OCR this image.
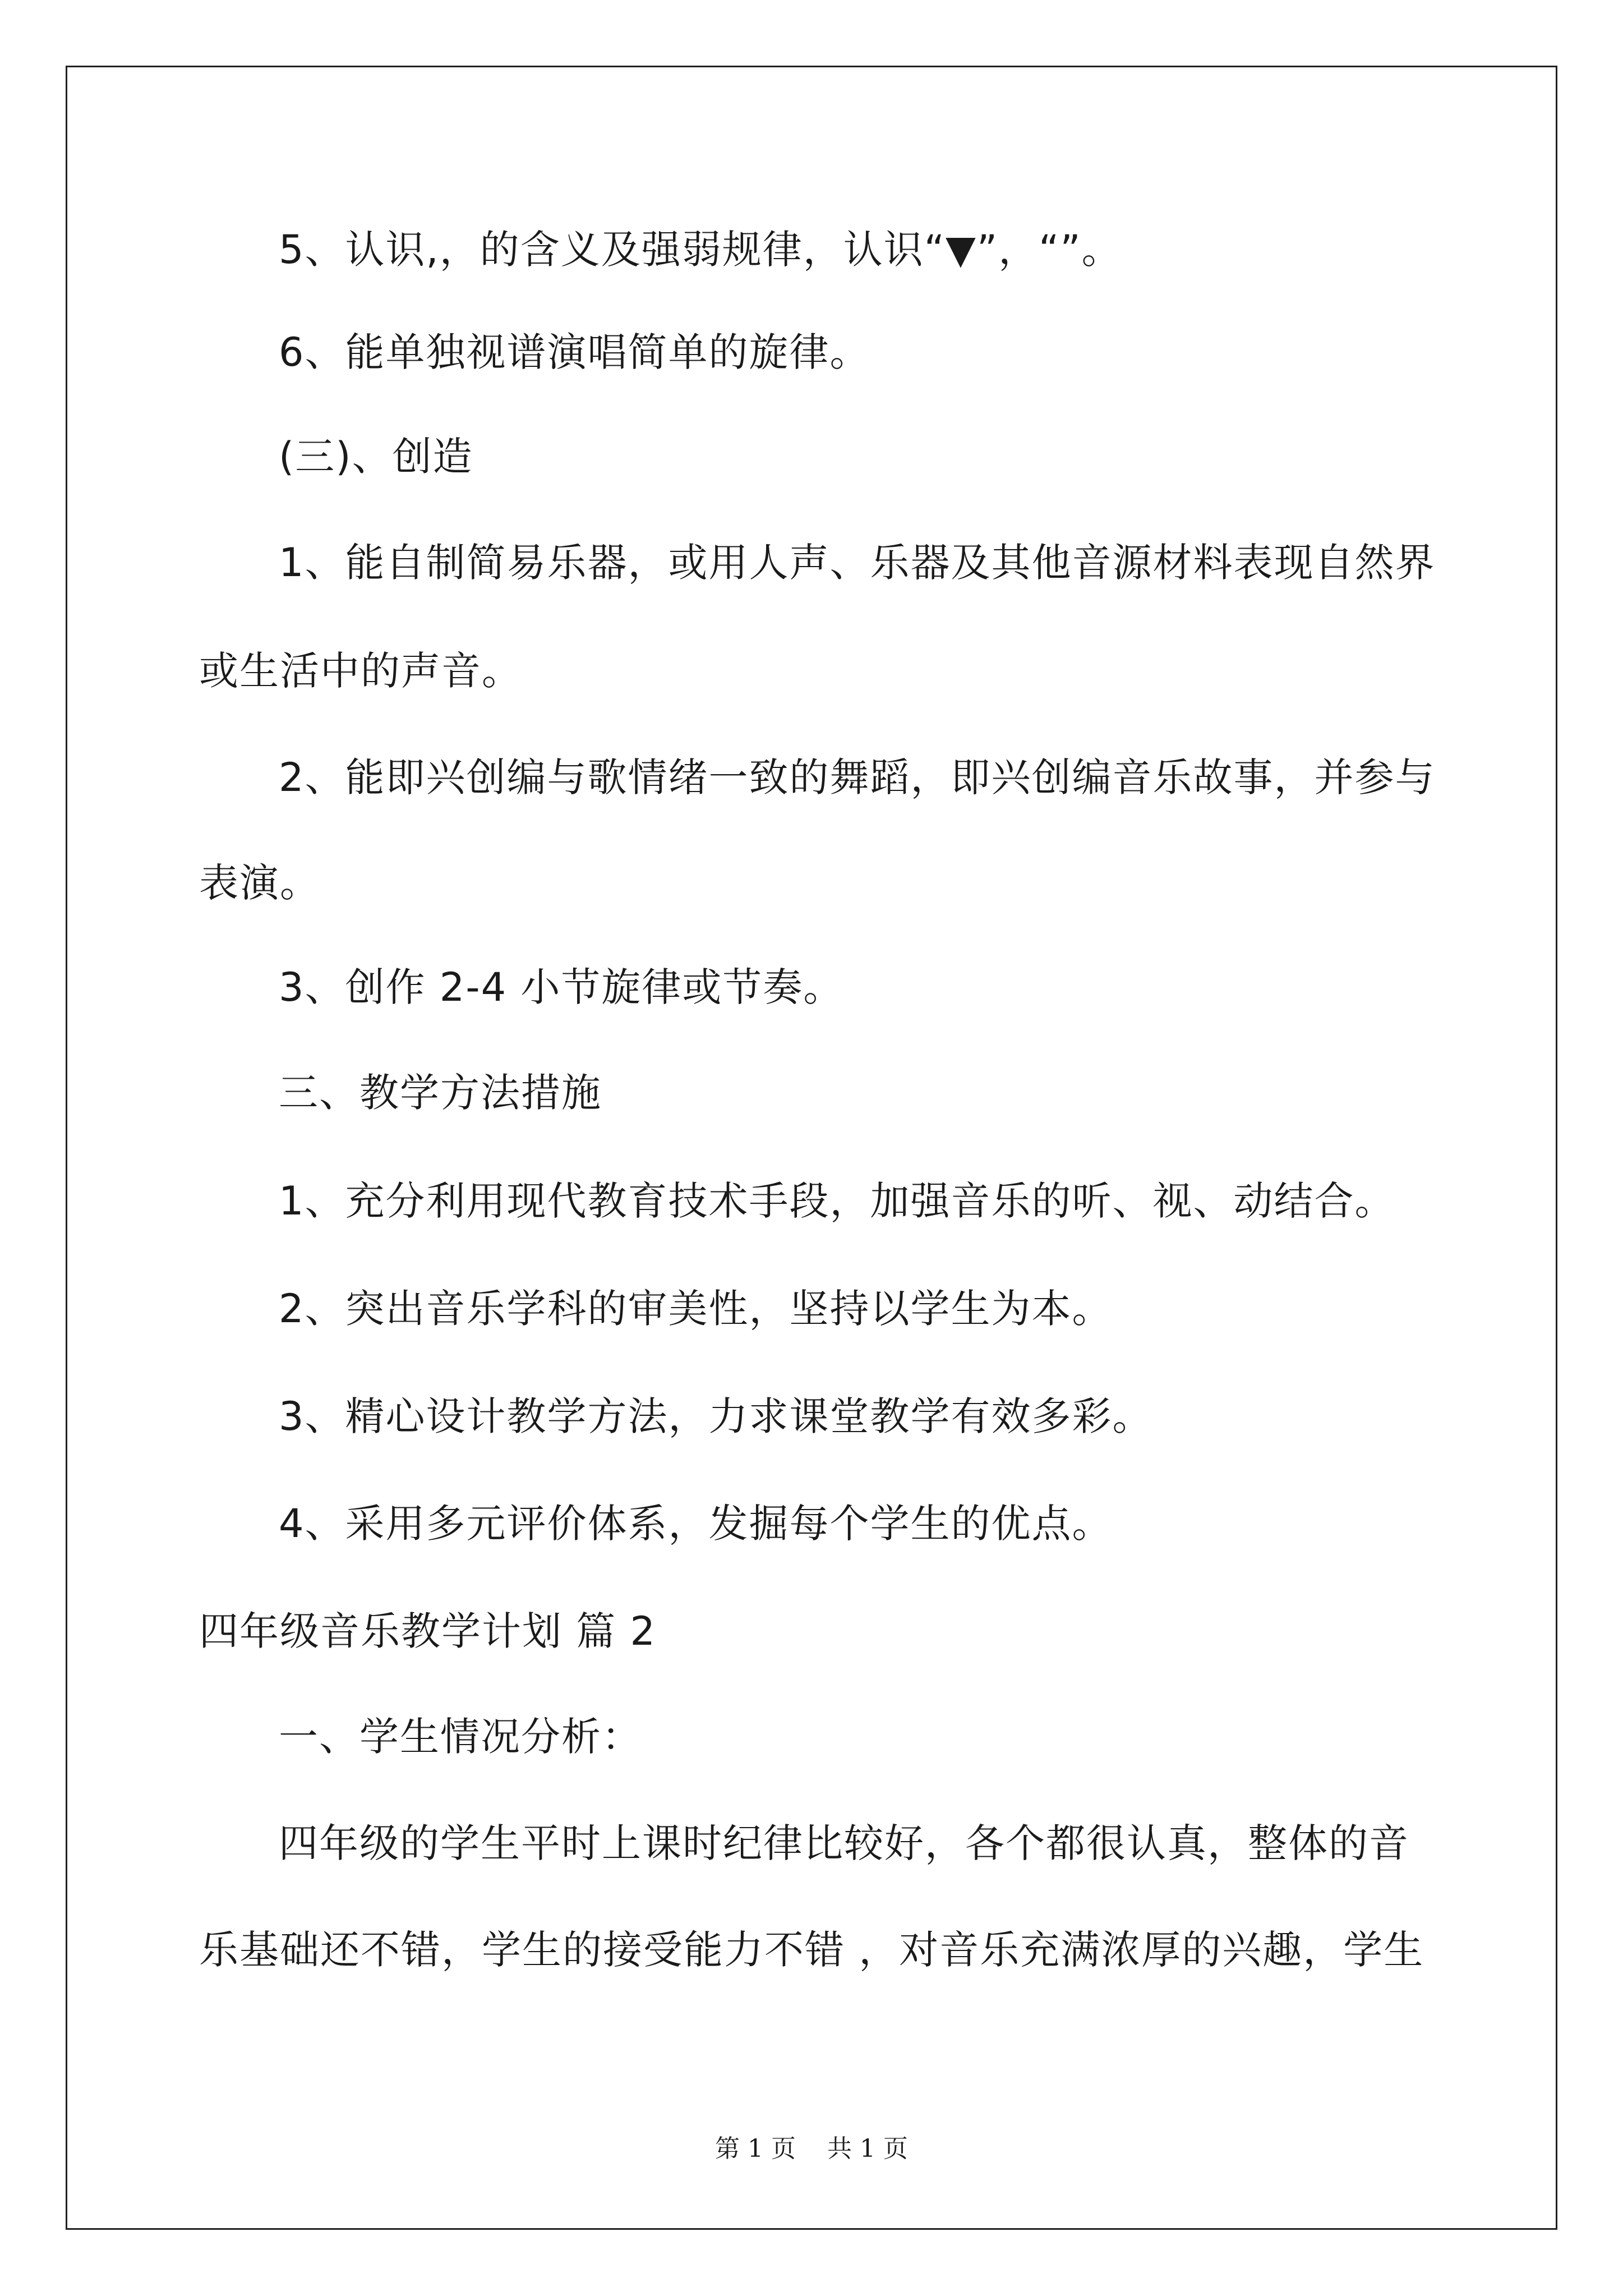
5、认识,，的含义及强弱规律，认识“▼”，“”。
6、能单独视谱演唱简单的旋律。
(三)、创造
1、能自制简易乐器，或用人声、乐器及其他音源材料表现自然界
或生活中的声音。
2、能即兴创编与歌情绪一致的舞蹈，即兴创编音乐故事，并参与
表演。
3、创作 2-4 小节旋律或节奏。
三、教学方法措施
1、充分利用现代教育技术手段，加强音乐的听、视、动结合。
2、突出音乐学科的审美性，坚持以学生为本。
3、精心设计教学方法，力求课堂教学有效多彩。
4、采用多元评价体系，发掘每个学生的优点。
四年级音乐教学计划 篇 2
一、学生情况分析：
四年级的学生平时上课时纪律比较好，各个都很认真，整体的音
乐基础还不错，学生的接受能力不错 ，对音乐充满浓厚的兴趣，学生
第 1 页 共 1 页
